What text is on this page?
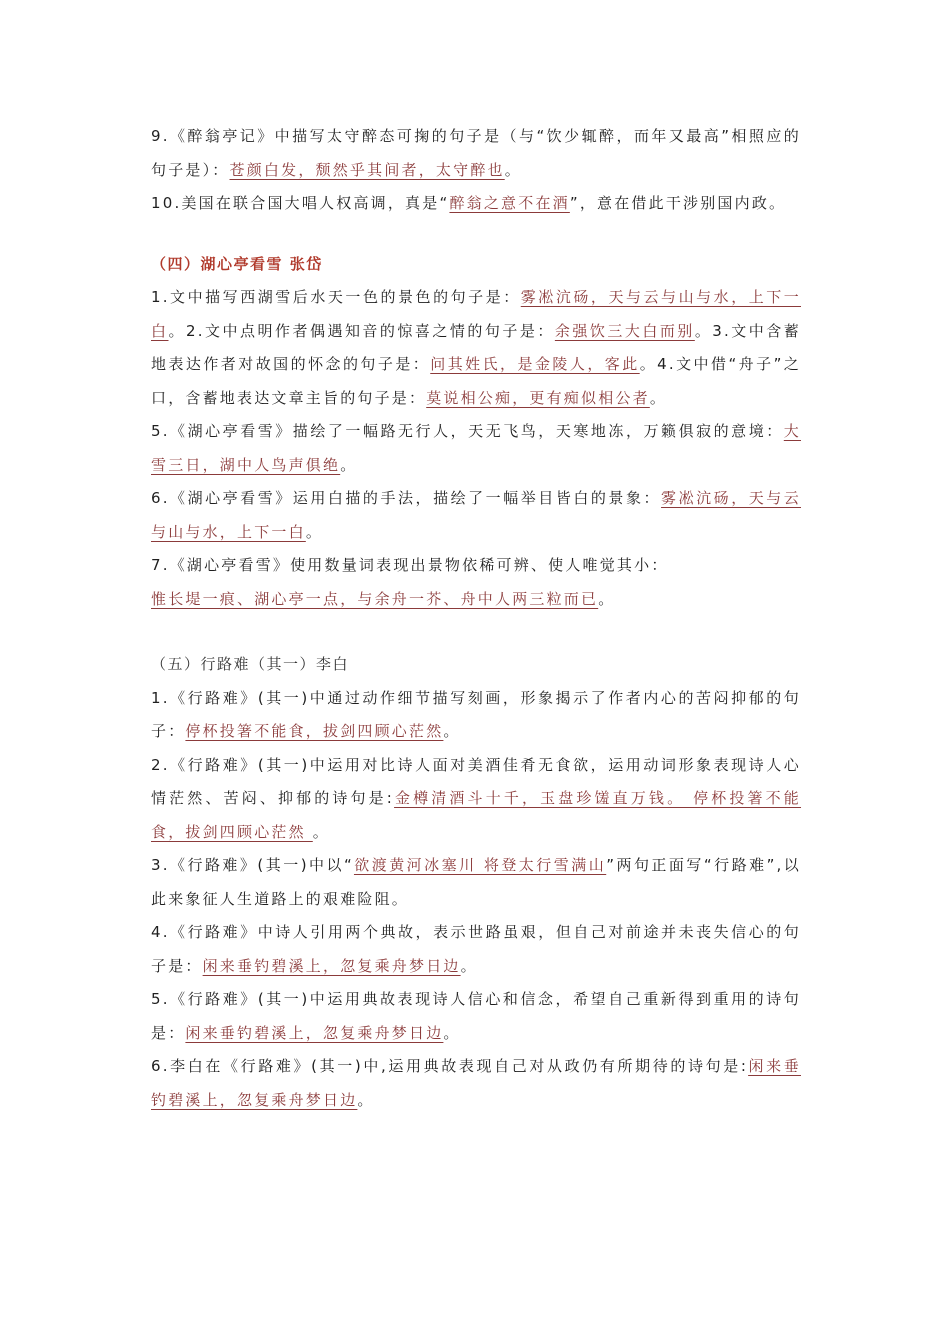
9.《醉翁亭记》中描写太守醉态可掬的句子是（与“饮少辄醉，而年又最高”相照应的句子是）：苍颜白发，颓然乎其间者，太守醉也。

10.美国在联合国大唱人权高调，真是“醉翁之意不在酒”，意在借此干涉别国内政。

（四）湖心亭看雪 张岱

1.文中描写西湖雪后水天一色的景色的句子是：雾凇沆砀，天与云与山与水，上下一白。2.文中点明作者偶遇知音的惊喜之情的句子是：余强饮三大白而别。3.文中含蓄地表达作者对故国的怀念的句子是：问其姓氏，是金陵人，客此。4.文中借“舟子”之口，含蓄地表达文章主旨的句子是：莫说相公痴，更有痴似相公者。

5.《湖心亭看雪》描绘了一幅路无行人，天无飞鸟，天寒地冻，万籁俱寂的意境：大雪三日，湖中人鸟声俱绝。

6.《湖心亭看雪》运用白描的手法，描绘了一幅举目皆白的景象：雾凇沆砀，天与云与山与水，上下一白。

7.《湖心亭看雪》使用数量词表现出景物依稀可辨、使人唯觉其小：
惟长堤一痕、湖心亭一点，与余舟一芥、舟中人两三粒而已。

（五）行路难（其一）李白

1.《行路难》(其一)中通过动作细节描写刻画，形象揭示了作者内心的苦闷抑郁的句子：停杯投箸不能食，拔剑四顾心茫然。

2.《行路难》(其一)中运用对比诗人面对美酒佳肴无食欲，运用动词形象表现诗人心情茫然、苦闷、抑郁的诗句是:金樽清酒斗十千，玉盘珍馐直万钱。 停杯投箸不能食，拔剑四顾心茫然 。

3.《行路难》(其一)中以“欲渡黄河冰塞川 将登太行雪满山”两句正面写“行路难”,以此来象征人生道路上的艰难险阻。

4.《行路难》中诗人引用两个典故，表示世路虽艰，但自己对前途并未丧失信心的句子是：闲来垂钓碧溪上，忽复乘舟梦日边。

5.《行路难》(其一)中运用典故表现诗人信心和信念，希望自己重新得到重用的诗句是：闲来垂钓碧溪上，忽复乘舟梦日边。

6.李白在《行路难》(其一)中,运用典故表现自己对从政仍有所期待的诗句是:闲来垂钓碧溪上，忽复乘舟梦日边。
